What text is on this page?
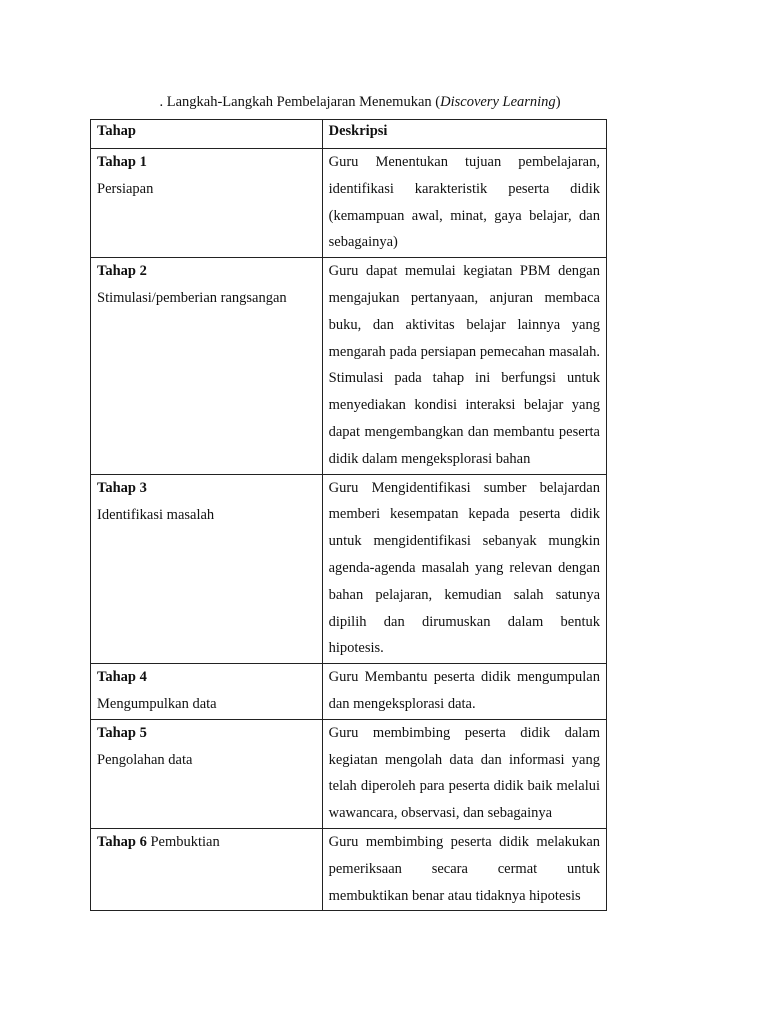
. Langkah-Langkah Pembelajaran Menemukan (Discovery Learning)
Tahap	Deskripsi

Tahap 1
Persiapan	Guru Menentukan tujuan pembelajaran, identifikasi karakteristik peserta didik (kemampuan awal, minat, gaya belajar, dan sebagainya)

Tahap 2
Stimulasi/pemberian rangsangan	Guru dapat memulai kegiatan PBM dengan mengajukan pertanyaan, anjuran membaca buku, dan aktivitas belajar lainnya yang mengarah pada persiapan pemecahan masalah. Stimulasi pada tahap ini berfungsi untuk menyediakan kondisi interaksi belajar yang dapat mengembangkan dan membantu peserta didik dalam mengeksplorasi bahan

Tahap 3
Identifikasi masalah	Guru Mengidentifikasi sumber belajardan memberi kesempatan kepada peserta didik untuk mengidentifikasi sebanyak mungkin agenda-agenda masalah yang relevan dengan bahan pelajaran, kemudian salah satunya dipilih dan dirumuskan dalam bentuk hipotesis.

Tahap 4
Mengumpulkan data	Guru Membantu peserta didik mengumpulan dan mengeksplorasi data.

Tahap 5
Pengolahan data	Guru membimbing peserta didik dalam kegiatan mengolah data dan informasi yang telah diperoleh para peserta didik baik melalui wawancara, observasi, dan sebagainya

Tahap 6 Pembuktian	Guru membimbing peserta didik melakukan pemeriksaan secara cermat untuk membuktikan benar atau tidaknya hipotesis
